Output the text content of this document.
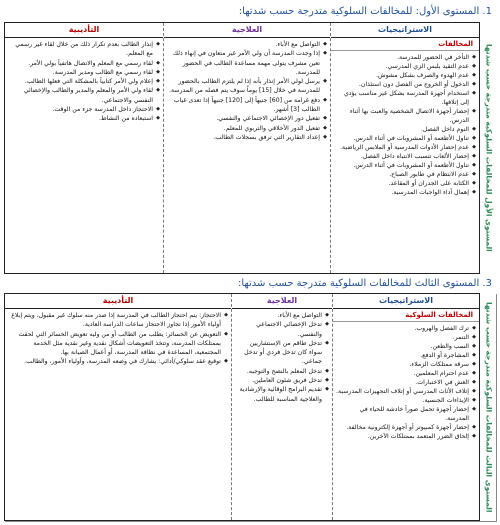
1. المستوى الأول: للمخالفات السلوكية متدرجة حسب شدتها:
المستوى الأول للمخالفات السلوكية متدرجة حسب شدتها
الاستراتيجيات
المخالفات
◆ التأخر في الحضور للمدرسة.
◆ عدم التقيد بلبس الزي المدرسي.
◆ عدم الهدوء والصرف بشكل مشوش.
◆ الدخول أو الخروج من الفصل دون استئذان.
◆ استخدام أجهزة المدرسة بشكل غير مناسب يؤدي إلى إتلافها.
◆ إحضار أجهزة الاتصال الشخصية والعبث بها أثناء الدرس.
◆ النوم داخل الفصل.
◆ تناول الأطعمة أو المشروبات في أثناء الدرس.
◆ عدم إحضار الأدوات المدرسية أو الملابس الرياضية.
◆ إحضار الألعاب تتسبب الانتباه داخل الفصل.
◆ تناول الأطعمة أو المشروبات في أثناء الدرس.
◆ عدم الانتظام في طابور الصباح.
◆ الكتابة على الجدران أو المقاعد.
◆ إهمال أداء الواجبات المدرسية.
العلاجية
◆ التواصل مع الأباء.
◆ إذا وجدت المدرسة أن ولي الأمر غير متعاون في إنهاء ذلك تعين مشرف يتولى مهمة مساعدة الطالب في الحضور للمدرسة.
◆ يرسل لولي الأمر إنذار بأنه إذا لم يلتزم الطالب بالحضور للمدرسة في خلال [15] يوماً سوف يتم فصله من المدرسة.
◆ دفع غرامة من [60] جنيهاً إلى [120] جنيهاً إذا تعدى غياب الطالب [3] أشهر.
◆ تفعيل دور الإخصائي الاجتماعي والنفسي.
◆ تفعيل الدور الأخلاقي والتربوي للمعلم.
◆ إعداد التقارير التي ترفق بسجلات الطالب.
التأديبية
◆ إنذار الطالب بعدم تكرار ذلك من خلال لقاء غير رسمي مع المعلم.
◆ لقاء رسمي مع المعلم والاتصال هاتفياً بولي الأمر.
◆ لقاء رسمي مع الطالب ومدير المدرسة.
◆ إعلام ولي الأمر كتابياً بالمشكلة التي فعلها الطالب.
◆ لقاء ولي الأمر والمعلم والمدير والطالب والإخصائي النفسي والاجتماعي.
◆ الاحتجاز داخل المدرسة جزء من الوقت.
◆ استبعاده من النشاط.
3. المستوى الثالث للمخالفات السلوكية متدرجة حسب شدتها:
المستوى الثالث للمخالفات السلوكية متدرجة حسب شدتها
الاستراتيجيات
المخالفات السلوكية
◆ ترك الفصل والهروب.
◆ التنمر.
◆ السب والطعن.
◆ المشاجرة أو الدفع.
◆ سرقة ممتلكات الزملاء.
◆ عدم احترام المعلمين.
◆ الغش في الاختبارات.
◆ إتلاف الأثاث المدرسي أو إتلاف التجهيزات المدرسية.
◆ الإيذاءات الجنسية.
◆ إحضار أجهزة تحمل صوراً خادشة للحياء في المدرسة.
◆ إحضار أجهزة كمبيوتر أو أجهزة إلكترونية مخالفة.
◆ إلحاق الضرر المتعمد بممتلكات الآخرين.
العلاجية
◆ التواصل مع الأباء.
◆ تدخل الإخصائي الاجتماعي والنفسي.
◆ تدخل طاقم من الإستشاريين سواء كان تدخل فردي أو تدخل جماعي.
◆ تدخل المعلم بالنصح والتوجيه.
◆ تدخل فريق شئون العاملين.
◆ تقديم البرامج الوقائية والإرشادية والعلاجية المناسبة للطالب.
التأديبية
◆ الاحتجاز: يتم احتجاز الطالب في المدرسة إذا صدر منه سلوك غير مقبول، ويتم إبلاغ أولياء الأمور إذا تجاوز الاحتجاز ساعات الدراسة العادية.
◆ التعويض عن الخسائر: يطلب من الطالب أو من وليه تعويض الخسائر التي لحقت بممتلكات المدرسة، وتتخذ التعويضات أشكال نقدية وغير نقدية مثل الخدمة المجتمعية، المساعدة في نظافة المدرسة، أو أعمال الصيانة بها.
◆ توقيع عقد سلوكي/أدائي: يشارك في وضعه المدرسة، وأولياء الأمور، والطالب.
